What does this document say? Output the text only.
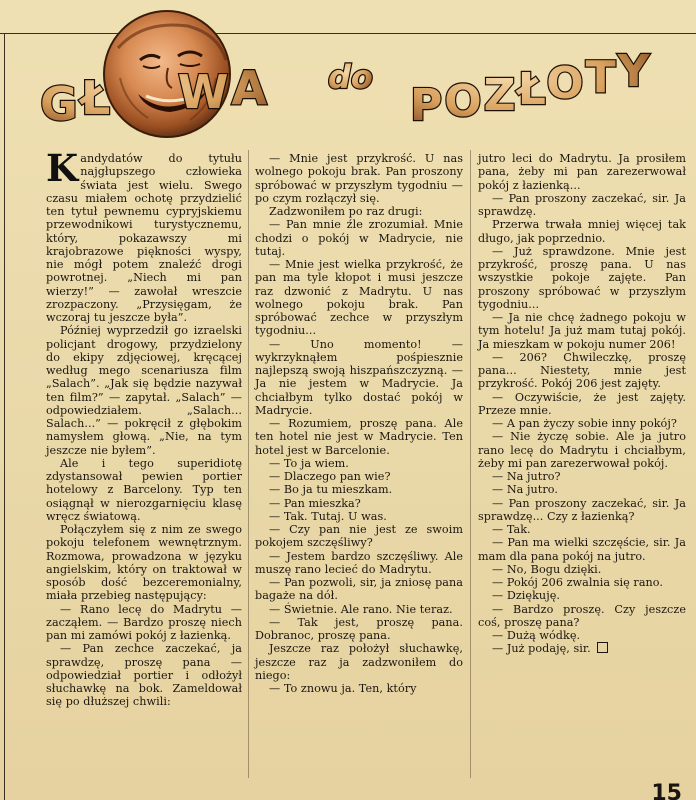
GŁ WA do
POZŁOTY

Kandydatów do tytułu najgłupszego człowieka świata jest wielu. Swego czasu miałem ochotę przydzielić ten tytuł pewnemu cypryjskiemu przewodnikowi turystycznemu, który, pokazawszy mi krajobrazowe piękności wyspy, nie mógł potem znaleźć drogi powrotnej. „Niech mi pan wierzy!” — zawołał wreszcie zrozpaczony. „Przysięgam, że wczoraj tu jeszcze była”.

Później wyprzedził go izraelski policjant drogowy, przydzielony do ekipy zdjęciowej, kręcącej według mego scenariusza film „Salach”. „Jak się będzie nazywał ten film?” — zapytał. „Salach” — odpowiedziałem. „Salach... Salach...” — pokręcił z głębokim namysłem głową. „Nie, na tym jeszcze nie byłem”.

Ale i tego superidiotę zdystansował pewien portier hotelowy z Barcelony. Typ ten osiągnął w nierozgarnięciu klasę wręcz światową.

Połączyłem się z nim ze swego pokoju telefonem wewnętrznym. Rozmowa, prowadzona w języku angielskim, który on traktował w sposób dość bezceremonialny, miała przebieg następujący:

— Rano lecę do Madrytu — zacząłem. — Bardzo proszę niech pan mi zamówi pokój z łazienką.

— Pan zechce zaczekać, ja sprawdzę, proszę pana — odpowiedział portier i odłożył słuchawkę na bok. Zameldował się po dłuższej chwili:

— Mnie jest przykrość. U nas wolnego pokoju brak. Pan proszony spróbować w przyszłym tygodniu — po czym rozłączył się.

Zadzwoniłem po raz drugi:

— Pan mnie źle zrozumiał. Mnie chodzi o pokój w Madrycie, nie tutaj.

— Mnie jest wielka przykrość, że pan ma tyle kłopot i musi jeszcze raz dzwonić z Madrytu. U nas wolnego pokoju brak. Pan spróbować zechce w przyszłym tygodniu...

— Uno momento! — wykrzyknąłem pośpiesznie najlepszą swoją hiszpańszczyzną. — Ja nie jestem w Madrycie. Ja chciałbym tylko dostać pokój w Madrycie.

— Rozumiem, proszę pana. Ale ten hotel nie jest w Madrycie. Ten hotel jest w Barcelonie.

— To ja wiem.

— Dlaczego pan wie?

— Bo ja tu mieszkam.

— Pan mieszka?

— Tak. Tutaj. U was.

— Czy pan nie jest ze swoim pokojem szczęśliwy?

— Jestem bardzo szczęśliwy. Ale muszę rano lecieć do Madrytu.

— Pan pozwoli, sir, ja zniosę pana bagaże na dół.

— Świetnie. Ale rano. Nie teraz.

— Tak jest, proszę pana. Dobranoc, proszę pana.

Jeszcze raz położył słuchawkę, jeszcze raz ja zadzwoniłem do niego:

— To znowu ja. Ten, który

jutro leci do Madrytu. Ja prosiłem pana, żeby mi pan zarezerwował pokój z łazienką...

— Pan proszony zaczekać, sir. Ja sprawdzę.

Przerwa trwała mniej więcej tak długo, jak poprzednio.

— Już sprawdzone. Mnie jest przykrość, proszę pana. U nas wszystkie pokoje zajęte. Pan proszony spróbować w przyszłym tygodniu...

— Ja nie chcę żadnego pokoju w tym hotelu! Ja już mam tutaj pokój. Ja mieszkam w pokoju numer 206!

— 206? Chwileczkę, proszę pana... Niestety, mnie jest przykrość. Pokój 206 jest zajęty.

— Oczywiście, że jest zajęty. Przeze mnie.

— A pan życzy sobie inny pokój?

— Nie życzę sobie. Ale ja jutro rano lecę do Madrytu i chciałbym, żeby mi pan zarezerwował pokój.

— Na jutro?

— Na jutro.

— Pan proszony zaczekać, sir. Ja sprawdzę... Czy z łazienką?

— Tak.

— Pan ma wielki szczęście, sir. Ja mam dla pana pokój na jutro.

— No, Bogu dzięki.

— Pokój 206 zwalnia się rano.

— Dziękuję.

— Bardzo proszę. Czy jeszcze coś, proszę pana?

— Dużą wódkę.

— Już podaję, sir.

15
